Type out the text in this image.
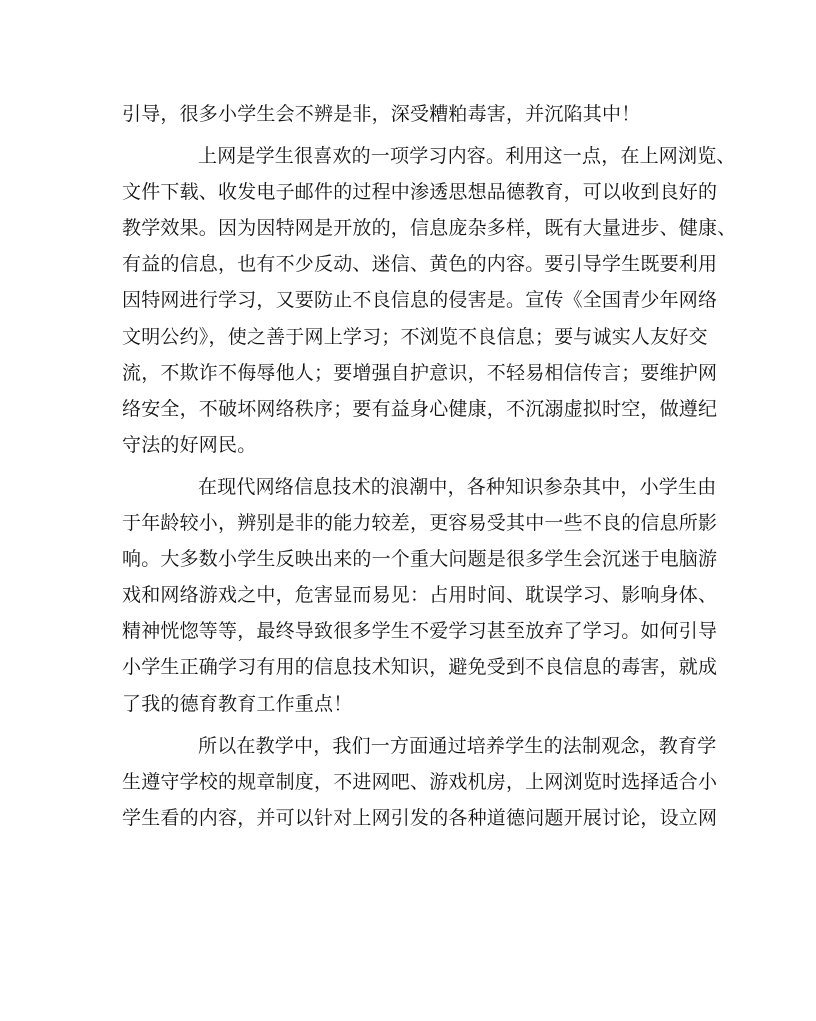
引导，很多小学生会不辨是非，深受糟粕毒害，并沉陷其中！
上网是学生很喜欢的一项学习内容。利用这一点，在上网浏览、
文件下载、收发电子邮件的过程中渗透思想品德教育，可以收到良好的
教学效果。因为因特网是开放的，信息庞杂多样，既有大量进步、健康、
有益的信息，也有不少反动、迷信、黄色的内容。要引导学生既要利用
因特网进行学习，又要防止不良信息的侵害是。宣传《全国青少年网络
文明公约》，使之善于网上学习；不浏览不良信息；要与诚实人友好交
流，不欺诈不侮辱他人；要增强自护意识，不轻易相信传言；要维护网
络安全，不破坏网络秩序；要有益身心健康，不沉溺虚拟时空，做遵纪
守法的好网民。
在现代网络信息技术的浪潮中，各种知识参杂其中，小学生由
于年龄较小，辨别是非的能力较差，更容易受其中一些不良的信息所影
响。大多数小学生反映出来的一个重大问题是很多学生会沉迷于电脑游
戏和网络游戏之中，危害显而易见：占用时间、耽误学习、影响身体、
精神恍惚等等，最终导致很多学生不爱学习甚至放弃了学习。如何引导
小学生正确学习有用的信息技术知识，避免受到不良信息的毒害，就成
了我的德育教育工作重点！
所以在教学中，我们一方面通过培养学生的法制观念，教育学
生遵守学校的规章制度，不进网吧、游戏机房，上网浏览时选择适合小
学生看的内容，并可以针对上网引发的各种道德问题开展讨论，设立网
